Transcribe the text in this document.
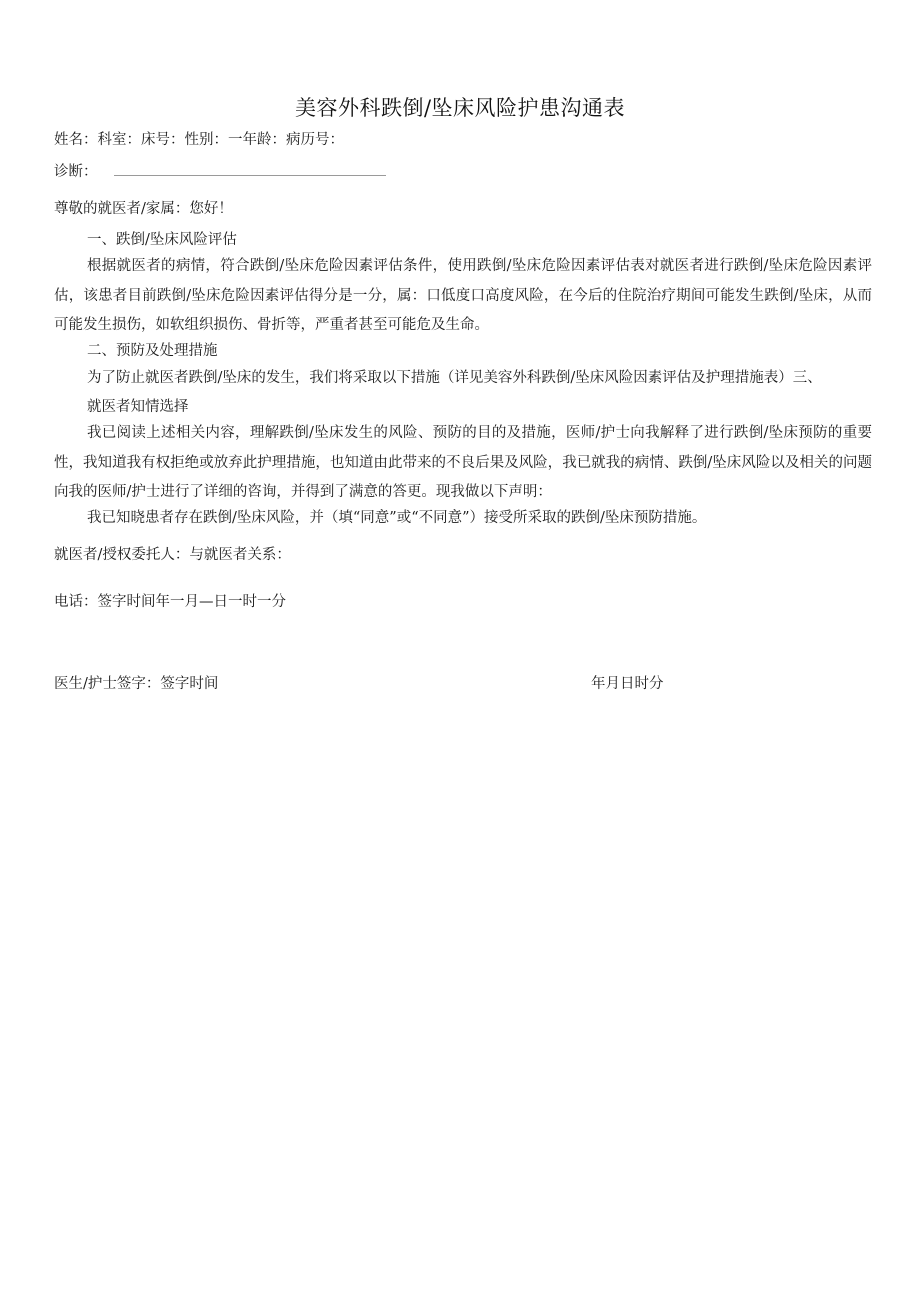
美容外科跌倒/坠床风险护患沟通表
姓名：科室：床号：性别：一年龄：病历号：
诊断：
尊敬的就医者/家属：您好！
一、跌倒/坠床风险评估
根据就医者的病情，符合跌倒/坠床危险因素评估条件，使用跌倒/坠床危险因素评估表对就医者进行跌倒/坠床危险因素评估，该患者目前跌倒/坠床危险因素评估得分是一分，属：口低度口高度风险，在今后的住院治疗期间可能发生跌倒/坠床，从而可能发生损伤，如软组织损伤、骨折等，严重者甚至可能危及生命。
二、预防及处理措施
为了防止就医者跌倒/坠床的发生，我们将采取以下措施（详见美容外科跌倒/坠床风险因素评估及护理措施表）三、
就医者知情选择
我已阅读上述相关内容，理解跌倒/坠床发生的风险、预防的目的及措施，医师/护士向我解释了进行跌倒/坠床预防的重要性，我知道我有权拒绝或放弃此护理措施，也知道由此带来的不良后果及风险，我已就我的病情、跌倒/坠床风险以及相关的问题向我的医师/护士进行了详细的咨询，并得到了满意的答更。现我做以下声明：
我已知晓患者存在跌倒/坠床风险，并（填“同意”或“不同意”）接受所采取的跌倒/坠床预防措施。
就医者/授权委托人：与就医者关系：
电话：签字时间年一月—日一时一分
医生/护士签字：签字时间	年月日时分
